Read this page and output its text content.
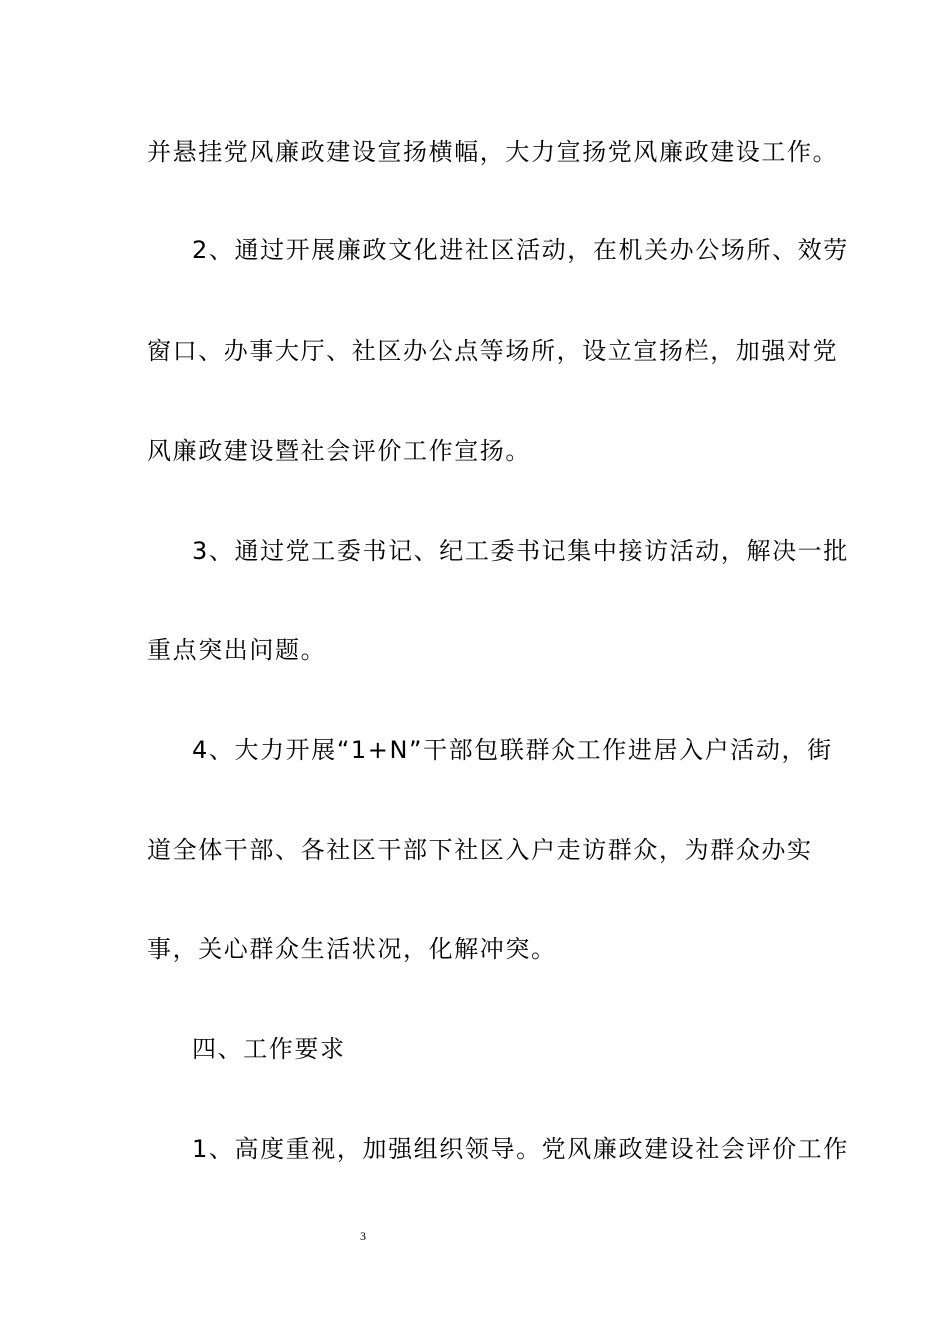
并悬挂党风廉政建设宣扬横幅，大力宣扬党风廉政建设工作。
2、通过开展廉政文化进社区活动，在机关办公场所、效劳
窗口、办事大厅、社区办公点等场所，设立宣扬栏，加强对党
风廉政建设暨社会评价工作宣扬。
3、通过党工委书记、纪工委书记集中接访活动，解决一批
重点突出问题。
4、大力开展“1+N”干部包联群众工作进居入户活动，街
道全体干部、各社区干部下社区入户走访群众，为群众办实
事，关心群众生活状况，化解冲突。
四、工作要求
1、高度重视，加强组织领导。党风廉政建设社会评价工作
3
